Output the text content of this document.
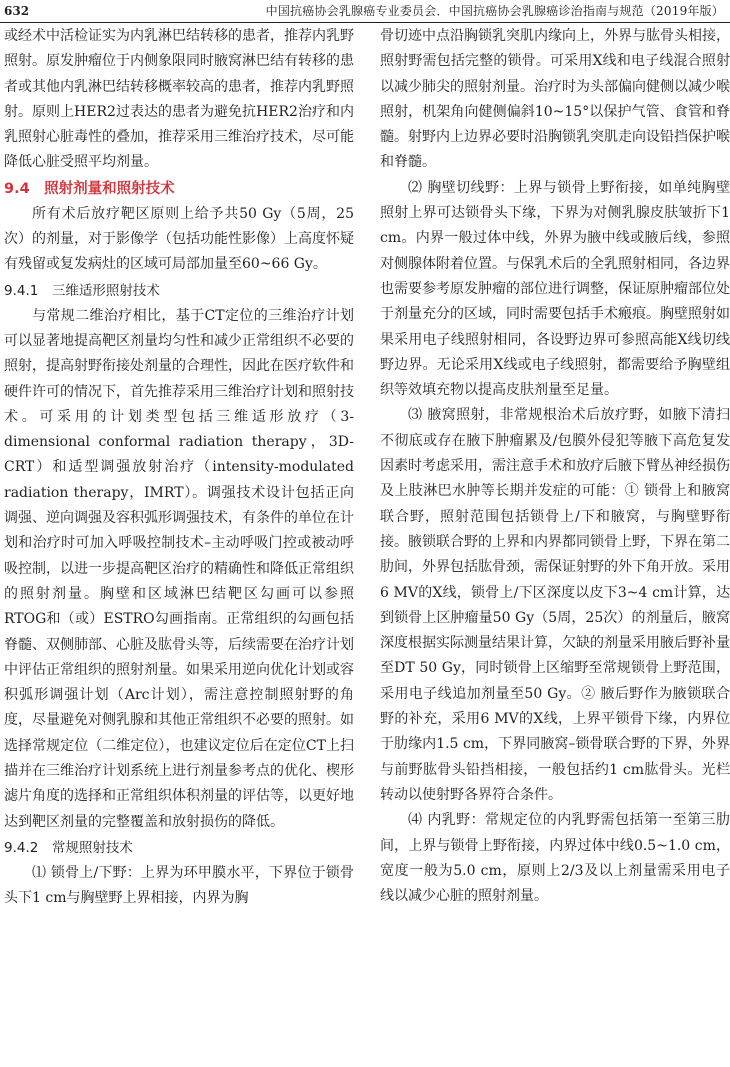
632	中国抗癌协会乳腺癌专业委员会．中国抗癌协会乳腺癌诊治指南与规范（2019年版）

或经术中活检证实为内乳淋巴结转移的患者，推荐内乳野照射。原发肿瘤位于内侧象限同时腋窝淋巴结有转移的患者或其他内乳淋巴结转移概率较高的患者，推荐内乳野照射。原则上HER2过表达的患者为避免抗HER2治疗和内乳照射心脏毒性的叠加，推荐采用三维治疗技术，尽可能降低心脏受照平均剂量。

9.4　照射剂量和照射技术

所有术后放疗靶区原则上给予共50 Gy（5周，25次）的剂量，对于影像学（包括功能性影像）上高度怀疑有残留或复发病灶的区域可局部加量至60~66 Gy。

9.4.1　三维适形照射技术

与常规二维治疗相比，基于CT定位的三维治疗计划可以显著地提高靶区剂量均匀性和减少正常组织不必要的照射，提高射野衔接处剂量的合理性，因此在医疗软件和硬件许可的情况下，首先推荐采用三维治疗计划和照射技术。可采用的计划类型包括三维适形放疗（3-dimensional conformal radiation therapy，3D-CRT）和适型调强放射治疗（intensity-modulated radiation therapy，IMRT）。调强技术设计包括正向调强、逆向调强及容积弧形调强技术，有条件的单位在计划和治疗时可加入呼吸控制技术–主动呼吸门控或被动呼吸控制，以进一步提高靶区治疗的精确性和降低正常组织的照射剂量。胸壁和区域淋巴结靶区勾画可以参照RTOG和（或）ESTRO勾画指南。正常组织的勾画包括脊髓、双侧肺部、心脏及肱骨头等，后续需要在治疗计划中评估正常组织的照射剂量。如果采用逆向优化计划或容积弧形调强计划（Arc计划），需注意控制照射野的角度，尽量避免对侧乳腺和其他正常组织不必要的照射。如选择常规定位（二维定位），也建议定位后在定位CT上扫描并在三维治疗计划系统上进行剂量参考点的优化、楔形滤片角度的选择和正常组织体积剂量的评估等，以更好地达到靶区剂量的完整覆盖和放射损伤的降低。

9.4.2　常规照射技术

⑴ 锁骨上/下野：上界为环甲膜水平，下界位于锁骨头下1 cm与胸壁野上界相接，内界为胸

骨切迹中点沿胸锁乳突肌内缘向上，外界与肱骨头相接，照射野需包括完整的锁骨。可采用X线和电子线混合照射以减少肺尖的照射剂量。治疗时为头部偏向健侧以减少喉照射，机架角向健侧偏斜10~15°以保护气管、食管和脊髓。射野内上边界必要时沿胸锁乳突肌走向设铅挡保护喉和脊髓。

⑵ 胸壁切线野：上界与锁骨上野衔接，如单纯胸壁照射上界可达锁骨头下缘，下界为对侧乳腺皮肤皱折下1 cm。内界一般过体中线，外界为腋中线或腋后线，参照对侧腺体附着位置。与保乳术后的全乳照射相同，各边界也需要参考原发肿瘤的部位进行调整，保证原肿瘤部位处于剂量充分的区域，同时需要包括手术瘢痕。胸壁照射如果采用电子线照射相同，各设野边界可参照高能X线切线野边界。无论采用X线或电子线照射，都需要给予胸壁组织等效填充物以提高皮肤剂量至足量。

⑶ 腋窝照射，非常规根治术后放疗野，如腋下清扫不彻底或存在腋下肿瘤累及/包膜外侵犯等腋下高危复发因素时考虑采用，需注意手术和放疗后腋下臂丛神经损伤及上肢淋巴水肿等长期并发症的可能：① 锁骨上和腋窝联合野，照射范围包括锁骨上/下和腋窝，与胸壁野衔接。腋锁联合野的上界和内界都同锁骨上野，下界在第二肋间，外界包括肱骨颈，需保证射野的外下角开放。采用6 MV的X线，锁骨上/下区深度以皮下3~4 cm计算，达到锁骨上区肿瘤量50 Gy（5周，25次）的剂量后，腋窝深度根据实际测量结果计算，欠缺的剂量采用腋后野补量至DT 50 Gy，同时锁骨上区缩野至常规锁骨上野范围，采用电子线追加剂量至50 Gy。② 腋后野作为腋锁联合野的补充，采用6 MV的X线，上界平锁骨下缘，内界位于肋缘内1.5 cm，下界同腋窝–锁骨联合野的下界，外界与前野肱骨头铅挡相接，一般包括约1 cm肱骨头。光栏转动以使射野各界符合条件。

⑷ 内乳野：常规定位的内乳野需包括第一至第三肋间，上界与锁骨上野衔接，内界过体中线0.5~1.0 cm，宽度一般为5.0 cm，原则上2/3及以上剂量需采用电子线以减少心脏的照射剂量。
